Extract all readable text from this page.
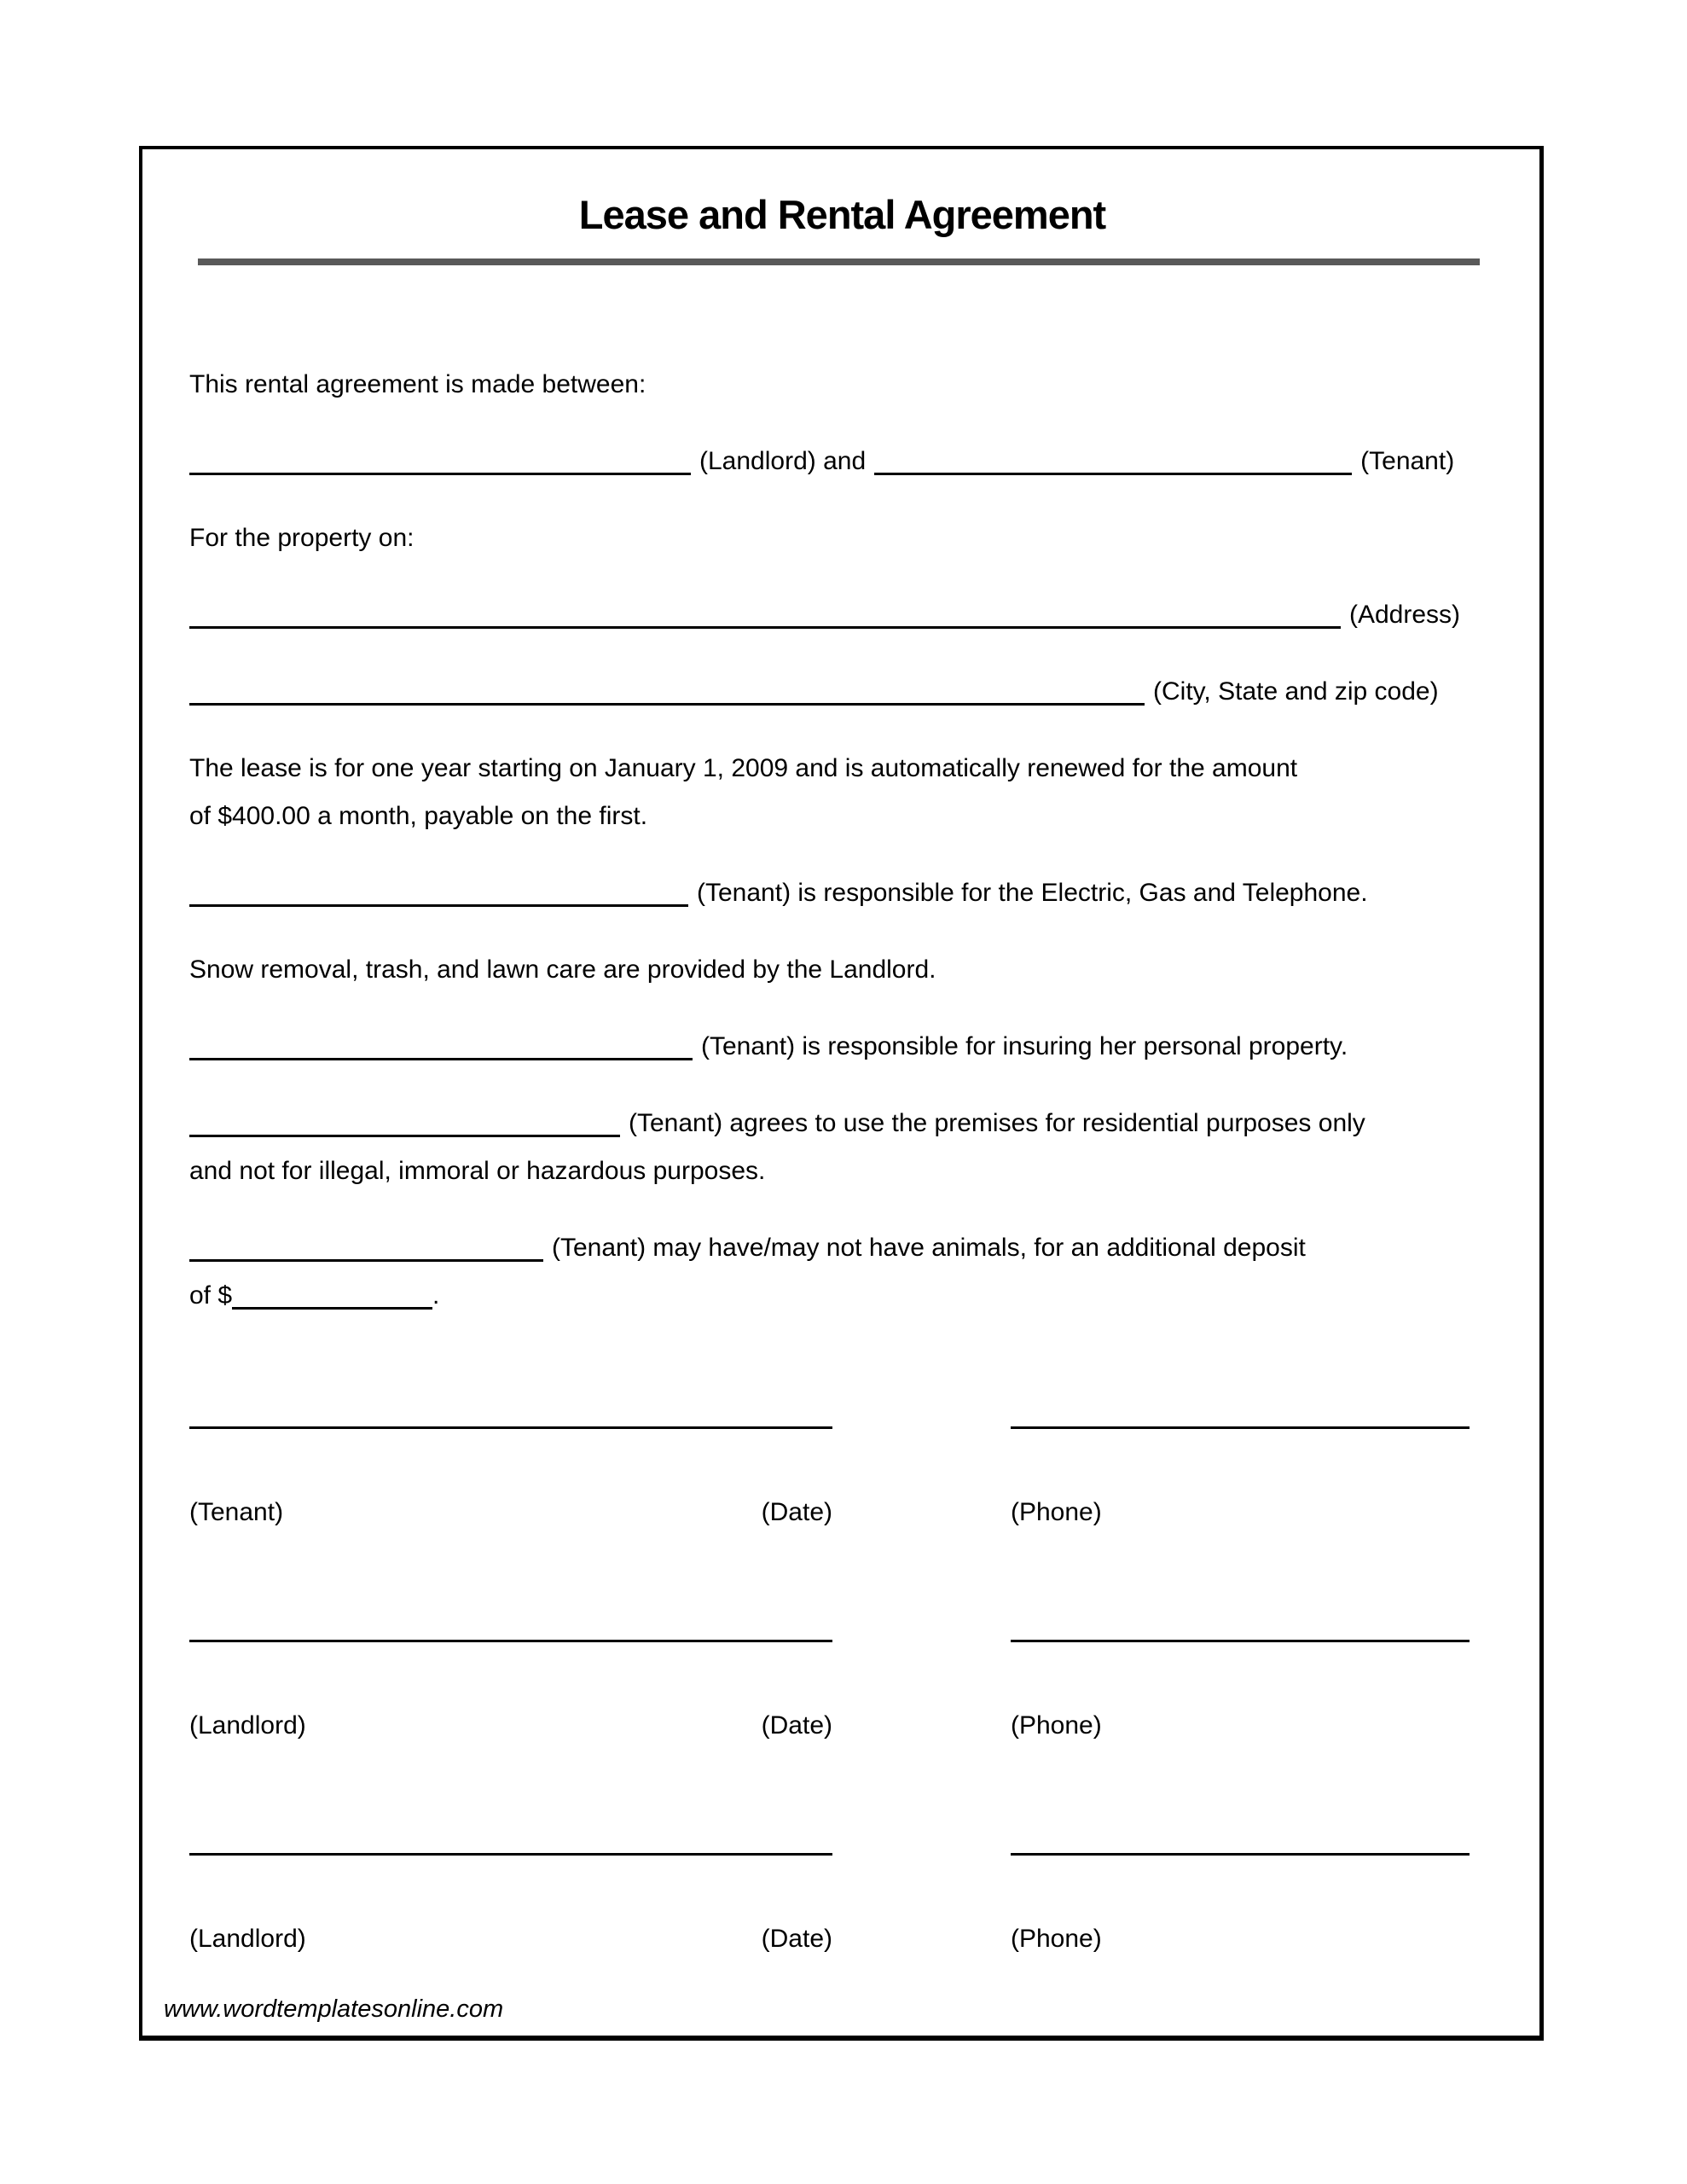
Lease and Rental Agreement

This rental agreement is made between:

(Landlord) and	(Tenant)

For the property on:

(Address)

(City, State and zip code)

The lease is for one year starting on January 1, 2009 and is automatically renewed for the amount
of $400.00 a month, payable on the first.

(Tenant) is responsible for the Electric, Gas and Telephone.

Snow removal, trash, and lawn care are provided by the Landlord.

(Tenant) is responsible for insuring her personal property.

(Tenant) agrees to use the premises for residential purposes only
and not for illegal, immoral or hazardous purposes.

(Tenant) may have/may not have animals, for an additional deposit
of $	.

(Tenant)	(Date)	(Phone)
(Landlord)	(Date)	(Phone)
(Landlord)	(Date)	(Phone)
www.wordtemplatesonline.com
